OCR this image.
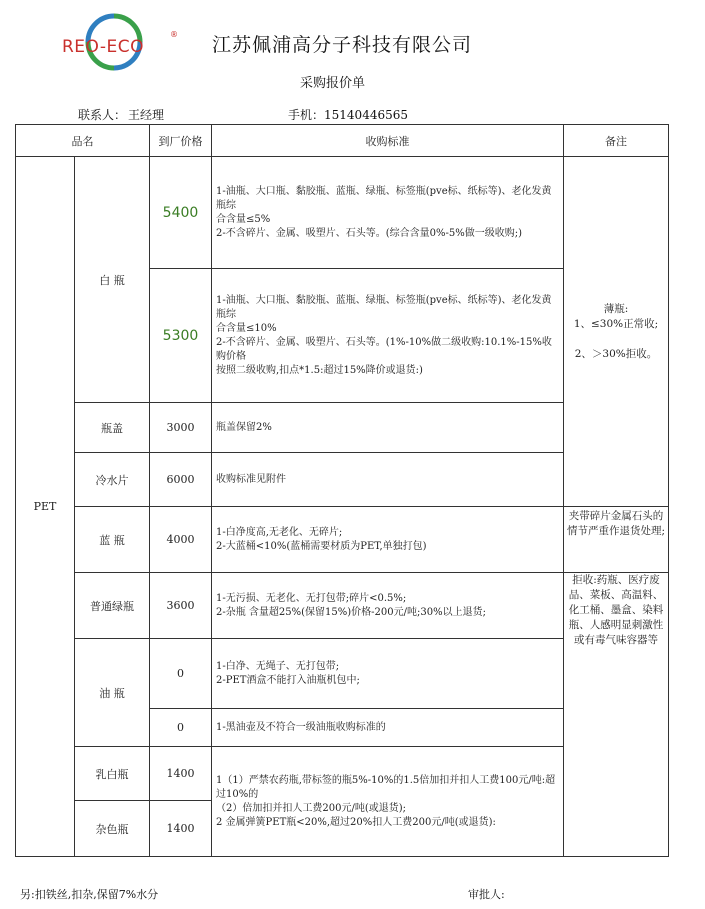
REO-ECO
® 江苏佩浦高分子科技有限公司
采购报价单
联系人： 王经理	手机：15140446565
品名		到厂价格	收购标准	备注
PET	白 瓶	5400	1-油瓶、大口瓶、黏胶瓶、蓝瓶、绿瓶、标签瓶(pve标、纸标等)、老化发黄瓶综
合含量≤5%
2-不含碎片、金属、吸塑片、石头等。(综合含量0%-5%做一级收购;)	薄瓶:
1、≤30%正常收;

2、＞30%拒收。
		5300	1-油瓶、大口瓶、黏胶瓶、蓝瓶、绿瓶、标签瓶(pve标、纸标等)、老化发黄瓶综
合含量≤10%
2-不含碎片、金属、吸塑片、石头等。(1%-10%做二级收购:10.1%-15%收购价格
按照二级收购,扣点*1.5:超过15%降价或退货:)	
	瓶盖	3000	瓶盖保留2%	
	冷水片	6000	收购标准见附件	
	蓝 瓶	4000	1-白净度高,无老化、无碎片;
2-大蓝桶<10%(蓝桶需要材质为PET,单独打包)	夹带碎片金属石头的情节严重作退货处理;
	普通绿瓶	3600	1-无污损、无老化、无打包带;碎片<0.5%;
2-杂瓶 含量超25%(保留15%)价格-200元/吨;30%以上退货;	拒收:药瓶、医疗废品、菜板、高温料、化工桶、墨盒、染料瓶、人感明显刺激性或有毒气味容器等
	油 瓶	0	1-白净、无绳子、无打包带;
2-PET酒盒不能打入油瓶机包中;	
		0	1-黑油壶及不符合一级油瓶收购标准的	
	乳白瓶	1400	1（1）严禁农药瓶,带标签的瓶5%-10%的1.5倍加扣并扣人工费100元/吨:超过10%的
（2）倍加扣并扣人工费200元/吨(或退货);
2 金属弹簧PET瓶<20%,超过20%扣人工费200元/吨(或退货):	
	杂色瓶	1400		
另:扣铁丝,扣杂,保留7%水分	审批人:
